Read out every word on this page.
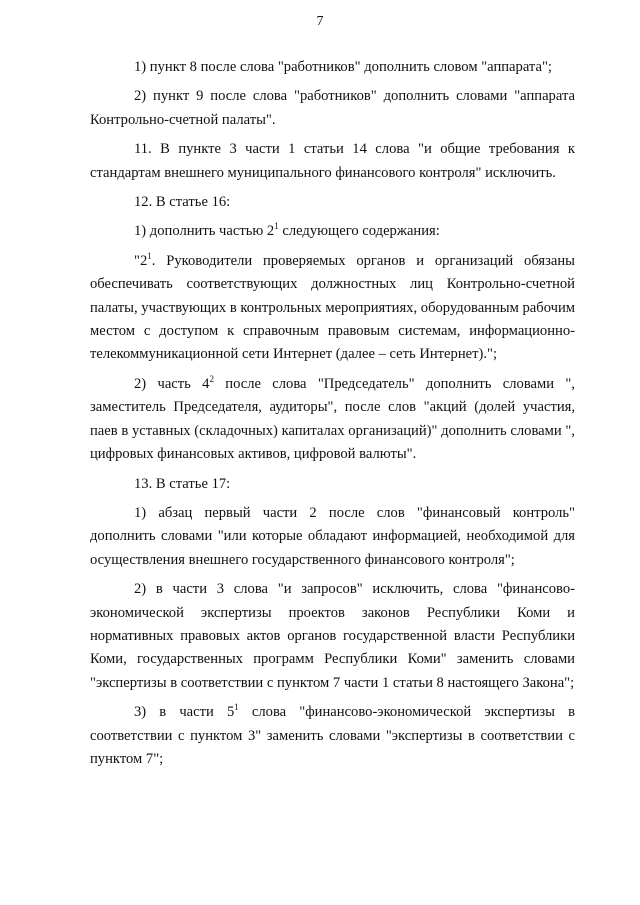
7

1) пункт 8 после слова "работников" дополнить словом "аппарата";

2) пункт 9 после слова "работников" дополнить словами "аппарата Контрольно-счетной палаты".

11. В пункте 3 части 1 статьи 14 слова "и общие требования к стандартам внешнего муниципального финансового контроля" исключить.

12. В статье 16:

1) дополнить частью $2^1$ следующего содержания:

"$2^1$. Руководители проверяемых органов и организаций обязаны обеспечивать соответствующих должностных лиц Контрольно-счетной палаты, участвующих в контрольных мероприятиях, оборудованным рабочим местом с доступом к справочным правовым системам, информационно-телекоммуникационной сети Интернет (далее – сеть Интернет).";

2) часть $4^2$ после слова "Председатель" дополнить словами ", заместитель Председателя, аудиторы", после слов "акций (долей участия, паев в уставных (складочных) капиталах организаций)" дополнить словами ", цифровых финансовых активов, цифровой валюты".

13. В статье 17:

1) абзац первый части 2 после слов "финансовый контроль" дополнить словами "или которые обладают информацией, необходимой для осуществления внешнего государственного финансового контроля";

2) в части 3 слова "и запросов" исключить, слова "финансово-экономической экспертизы проектов законов Республики Коми и нормативных правовых актов органов государственной власти Республики Коми, государственных программ Республики Коми" заменить словами "экспертизы в соответствии с пунктом 7 части 1 статьи 8 настоящего Закона";

3) в части $5^1$ слова "финансово-экономической экспертизы в соответствии с пунктом 3" заменить словами "экспертизы в соответствии с пунктом 7";
